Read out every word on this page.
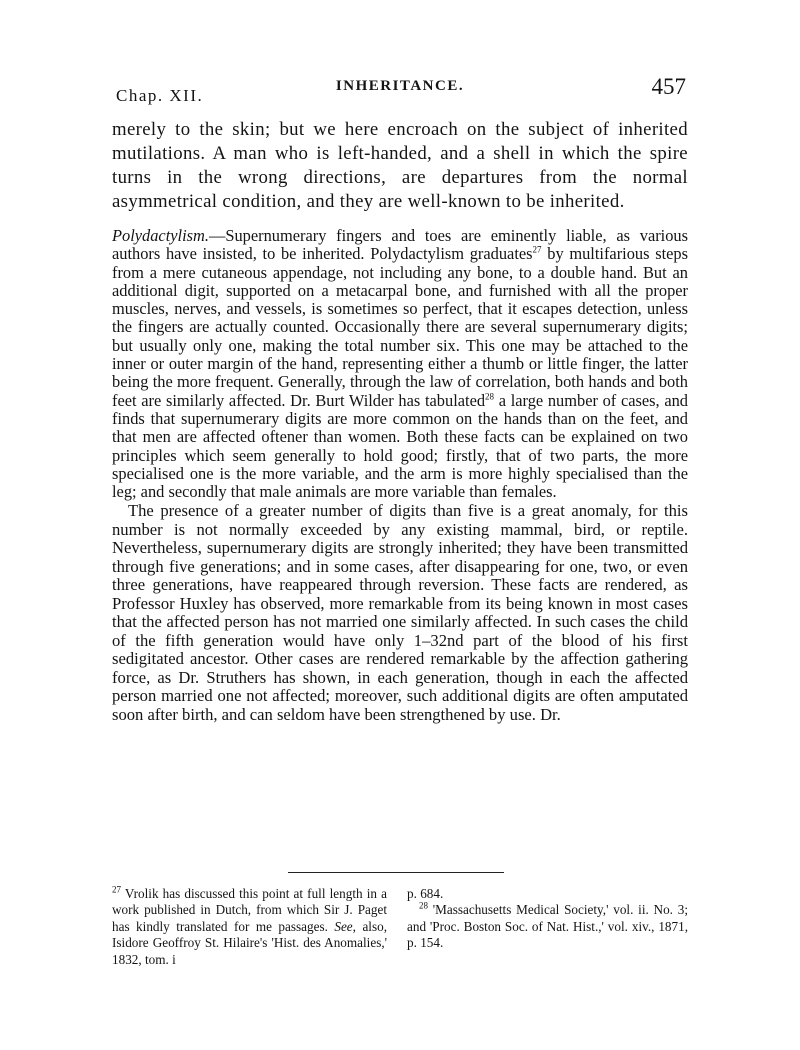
Chap. XII.	INHERITANCE.	457

merely to the skin; but we here encroach on the subject of inherited mutilations. A man who is left-handed, and a shell in which the spire turns in the wrong directions, are departures from the normal asymmetrical condition, and they are well-known to be inherited.

Polydactylism.—Supernumerary fingers and toes are eminently liable, as various authors have insisted, to be inherited. Polydactylism graduates$^{27}$ by multifarious steps from a mere cutaneous appendage, not including any bone, to a double hand. But an additional digit, supported on a metacarpal bone, and furnished with all the proper muscles, nerves, and vessels, is sometimes so perfect, that it escapes detection, unless the fingers are actually counted. Occasionally there are several supernumerary digits; but usually only one, making the total number six. This one may be attached to the inner or outer margin of the hand, representing either a thumb or little finger, the latter being the more frequent. Generally, through the law of correlation, both hands and both feet are similarly affected. Dr. Burt Wilder has tabulated$^{28}$ a large number of cases, and finds that supernumerary digits are more common on the hands than on the feet, and that men are affected oftener than women. Both these facts can be explained on two principles which seem generally to hold good; firstly, that of two parts, the more specialised one is the more variable, and the arm is more highly specialised than the leg; and secondly that male animals are more variable than females.

The presence of a greater number of digits than five is a great anomaly, for this number is not normally exceeded by any existing mammal, bird, or reptile. Nevertheless, supernumerary digits are strongly inherited; they have been transmitted through five generations; and in some cases, after disappearing for one, two, or even three generations, have reappeared through reversion. These facts are rendered, as Professor Huxley has observed, more remarkable from its being known in most cases that the affected person has not married one similarly affected. In such cases the child of the fifth generation would have only 1–32nd part of the blood of his first sedigitated ancestor. Other cases are rendered remarkable by the affection gathering force, as Dr. Struthers has shown, in each generation, though in each the affected person married one not affected; moreover, such additional digits are often amputated soon after birth, and can seldom have been strengthened by use. Dr.

$^{27}$ Vrolik has discussed this point at full length in a work published in Dutch, from which Sir J. Paget has kindly translated for me passages. See, also, Isidore Geoffroy St. Hilaire's 'Hist. des Anomalies,' 1832, tom. i
p. 684.
$^{28}$ 'Massachusetts Medical Society,' vol. ii. No. 3; and 'Proc. Boston Soc. of Nat. Hist.,' vol. xiv., 1871, p. 154.
